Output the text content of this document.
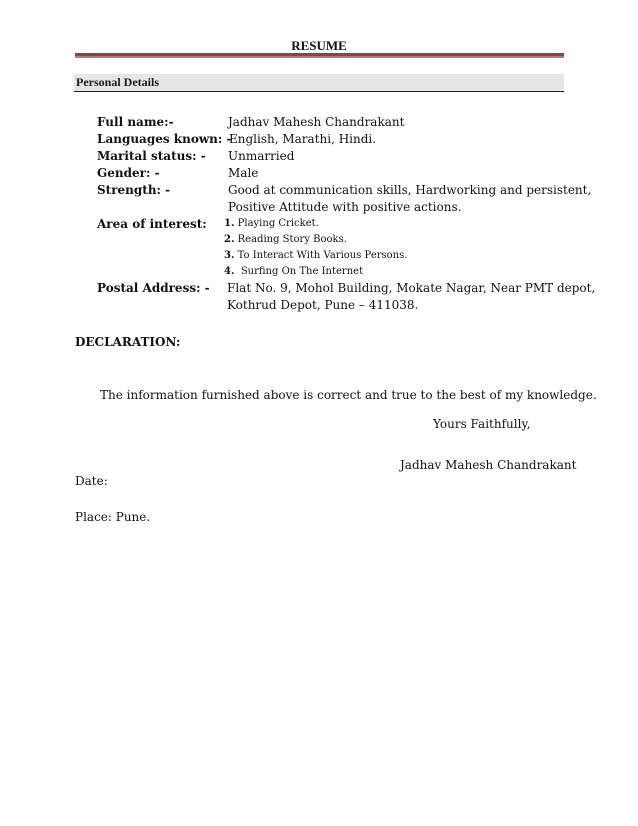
RESUME
Personal Details
Full name:-	Jadhav Mahesh Chandrakant
Languages known: -
English, Marathi, Hindi.
Marital status: - Unmarried
Gender: -	Male
Strength: -	Good at communication skills, Hardworking and persistent,
Positive Attitude with positive actions.
Area of interest: 1. Playing Cricket.
2. Reading Story Books.
3. To Interact With Various Persons.
4. Surfing On The Internet
Postal Address: - Flat No. 9, Mohol Building, Mokate Nagar, Near PMT depot,
Kothrud Depot, Pune – 411038.
DECLARATION:
The information furnished above is correct and true to the best of my knowledge.
Yours Faithfully,
Jadhav Mahesh Chandrakant
Date:
Place: Pune.
